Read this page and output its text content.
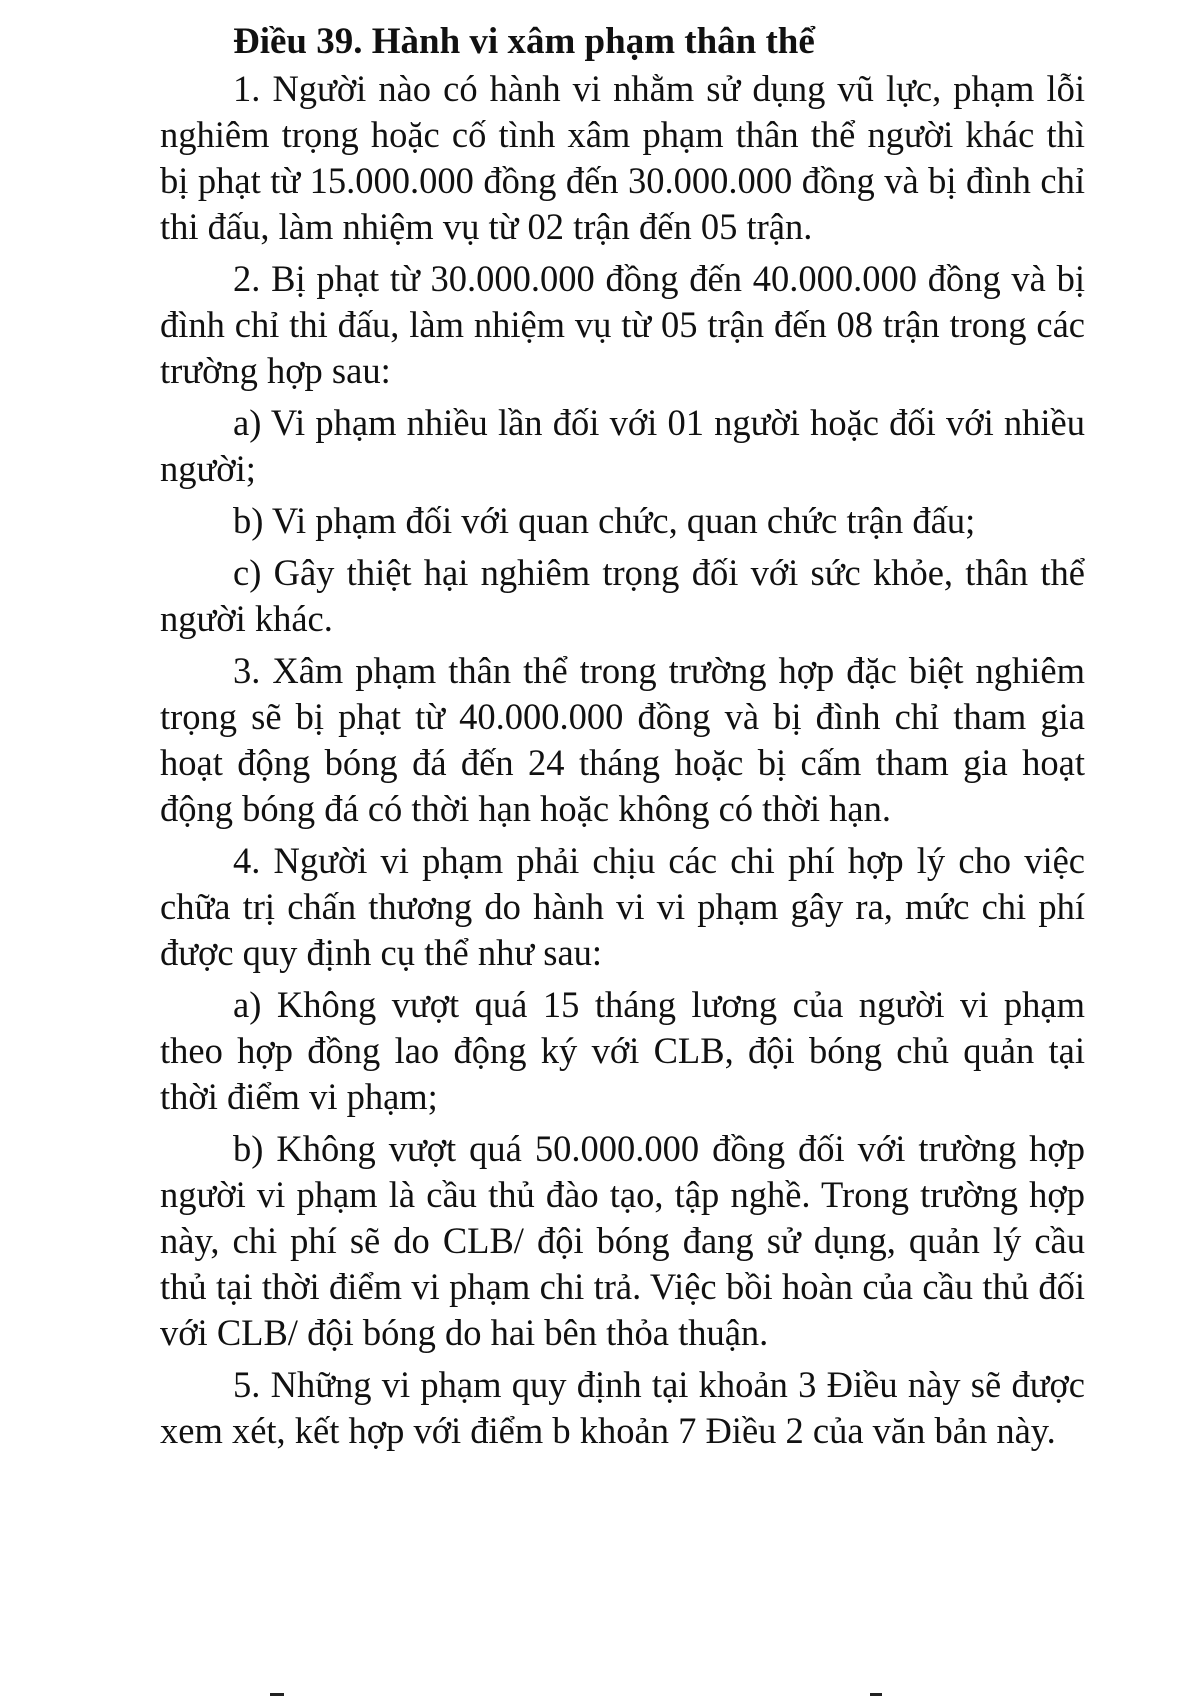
Điều 39. Hành vi xâm phạm thân thể

1. Người nào có hành vi nhằm sử dụng vũ lực, phạm lỗi nghiêm trọng hoặc cố tình xâm phạm thân thể người khác thì bị phạt từ 15.000.000 đồng đến 30.000.000 đồng và bị đình chỉ thi đấu, làm nhiệm vụ từ 02 trận đến 05 trận.

2. Bị phạt từ 30.000.000 đồng đến 40.000.000 đồng và bị đình chỉ thi đấu, làm nhiệm vụ từ 05 trận đến 08 trận trong các trường hợp sau:

a) Vi phạm nhiều lần đối với 01 người hoặc đối với nhiều người;

b) Vi phạm đối với quan chức, quan chức trận đấu;

c) Gây thiệt hại nghiêm trọng đối với sức khỏe, thân thể người khác.

3. Xâm phạm thân thể trong trường hợp đặc biệt nghiêm trọng sẽ bị phạt từ 40.000.000 đồng và bị đình chỉ tham gia hoạt động bóng đá đến 24 tháng hoặc bị cấm tham gia hoạt động bóng đá có thời hạn hoặc không có thời hạn.

4. Người vi phạm phải chịu các chi phí hợp lý cho việc chữa trị chấn thương do hành vi vi phạm gây ra, mức chi phí được quy định cụ thể như sau:

a) Không vượt quá 15 tháng lương của người vi phạm theo hợp đồng lao động ký với CLB, đội bóng chủ quản tại thời điểm vi phạm;

b) Không vượt quá 50.000.000 đồng đối với trường hợp người vi phạm là cầu thủ đào tạo, tập nghề. Trong trường hợp này, chi phí sẽ do CLB/ đội bóng đang sử dụng, quản lý cầu thủ tại thời điểm vi phạm chi trả. Việc bồi hoàn của cầu thủ đối với CLB/ đội bóng do hai bên thỏa thuận.

5. Những vi phạm quy định tại khoản 3 Điều này sẽ được xem xét, kết hợp với điểm b khoản 7 Điều 2 của văn bản này.
